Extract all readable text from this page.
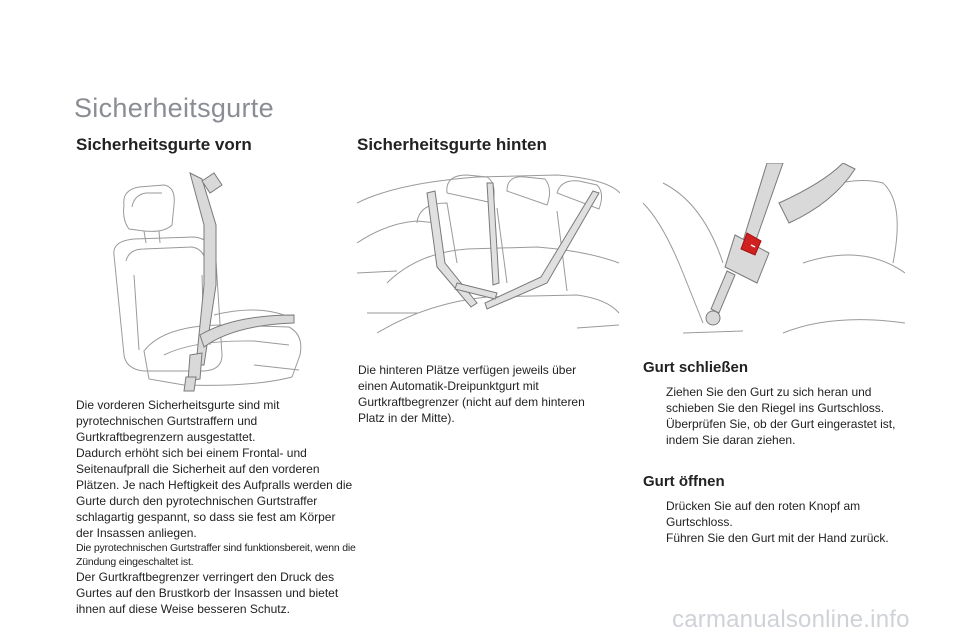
Sicherheitsgurte
Sicherheitsgurte vorn	Sicherheitsgurte hinten
Die vorderen Sicherheitsgurte sind mit pyrotechnischen Gurtstraffern und Gurtkraftbegrenzern ausgestattet.
Dadurch erhöht sich bei einem Frontal- und Seitenaufprall die Sicherheit auf den vorderen Plätzen. Je nach Heftigkeit des Aufpralls werden die Gurte durch den pyrotechnischen Gurtstraffer schlagartig gespannt, so dass sie fest am Körper der Insassen anliegen.
Die pyrotechnischen Gurtstraffer sind funktionsbereit, wenn die Zündung eingeschaltet ist.
Der Gurtkraftbegrenzer verringert den Druck des Gurtes auf den Brustkorb der Insassen und bietet ihnen auf diese Weise besseren Schutz.
Die hinteren Plätze verfügen jeweils über einen Automatik-Dreipunktgurt mit Gurtkraftbegrenzer (nicht auf dem hinteren Platz in der Mitte).
Gurt schließen
Ziehen Sie den Gurt zu sich heran und schieben Sie den Riegel ins Gurtschloss.
Überprüfen Sie, ob der Gurt eingerastet ist, indem Sie daran ziehen.
Gurt öffnen
Drücken Sie auf den roten Knopf am Gurtschloss.
Führen Sie den Gurt mit der Hand zurück.
carmanualsonline.info
